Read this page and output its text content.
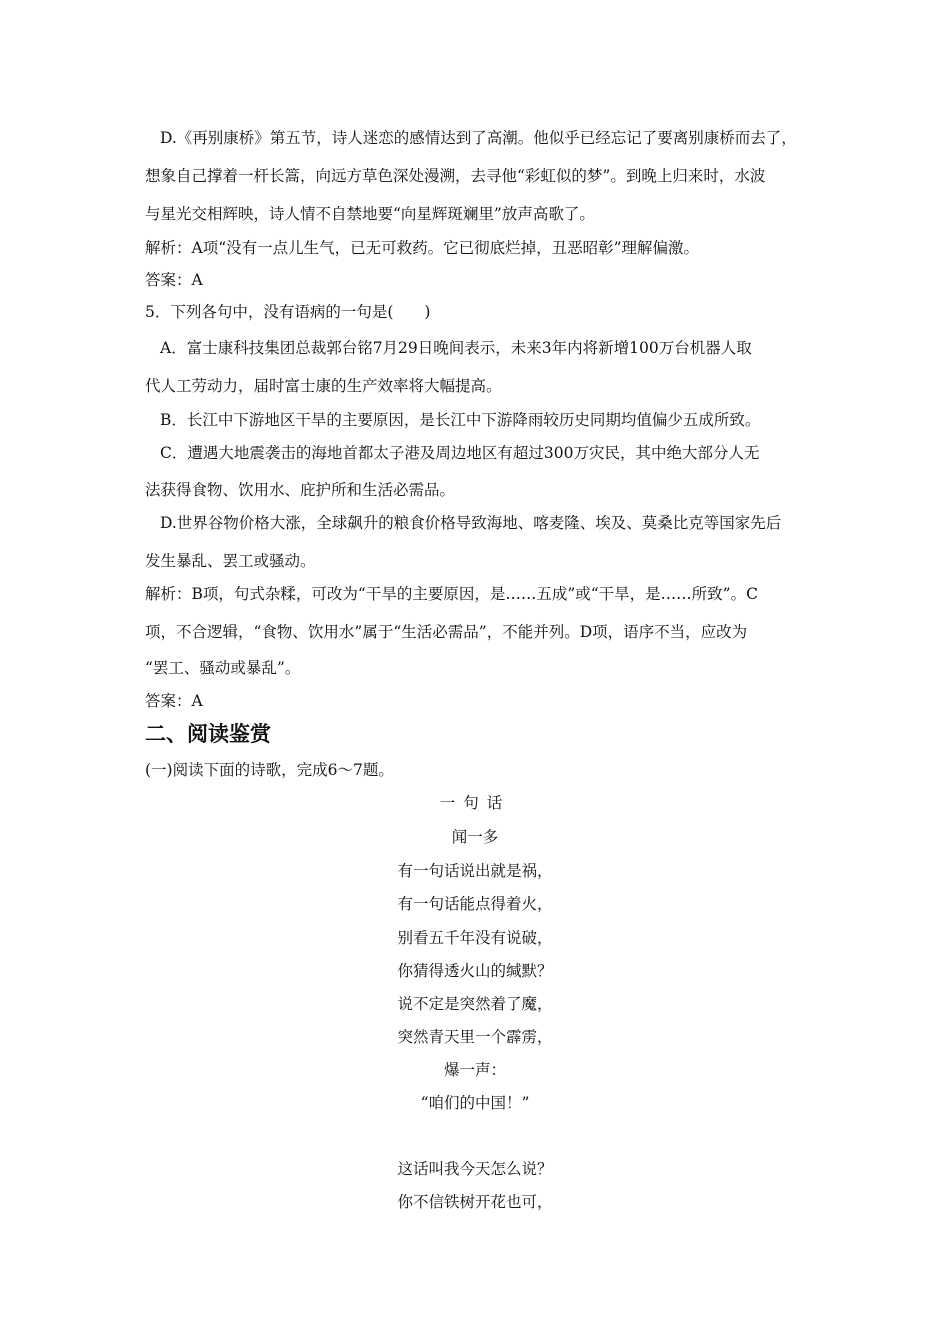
D.《再别康桥》第五节，诗人迷恋的感情达到了高潮。他似乎已经忘记了要离别康桥而去了，
想象自己撑着一杆长篙，向远方草色深处漫溯，去寻他“彩虹似的梦”。到晚上归来时，水波
与星光交相辉映，诗人情不自禁地要“向星辉斑斓里”放声高歌了。
解析：A项“没有一点儿生气，已无可救药。它已彻底烂掉，丑恶昭彰”理解偏激。
答案：A
5．下列各句中，没有语病的一句是(　　)
A．富士康科技集团总裁郭台铭7月29日晚间表示，未来3年内将新增100万台机器人取
代人工劳动力，届时富士康的生产效率将大幅提高。
B．长江中下游地区干旱的主要原因，是长江中下游降雨较历史同期均值偏少五成所致。
C．遭遇大地震袭击的海地首都太子港及周边地区有超过300万灾民，其中绝大部分人无
法获得食物、饮用水、庇护所和生活必需品。
D.世界谷物价格大涨，全球飙升的粮食价格导致海地、喀麦隆、埃及、莫桑比克等国家先后
发生暴乱、罢工或骚动。
解析：B项，句式杂糅，可改为“干旱的主要原因，是……五成”或“干旱，是……所致”。C
项，不合逻辑，“食物、饮用水”属于“生活必需品”，不能并列。D项，语序不当，应改为
“罢工、骚动或暴乱”。
答案：A
二、阅读鉴赏
(一)阅读下面的诗歌，完成6～7题。
一句话
闻一多
有一句话说出就是祸，
有一句话能点得着火，
别看五千年没有说破，
你猜得透火山的缄默？
说不定是突然着了魔，
突然青天里一个霹雳，
爆一声：
“咱们的中国！”
这话叫我今天怎么说？
你不信铁树开花也可，
